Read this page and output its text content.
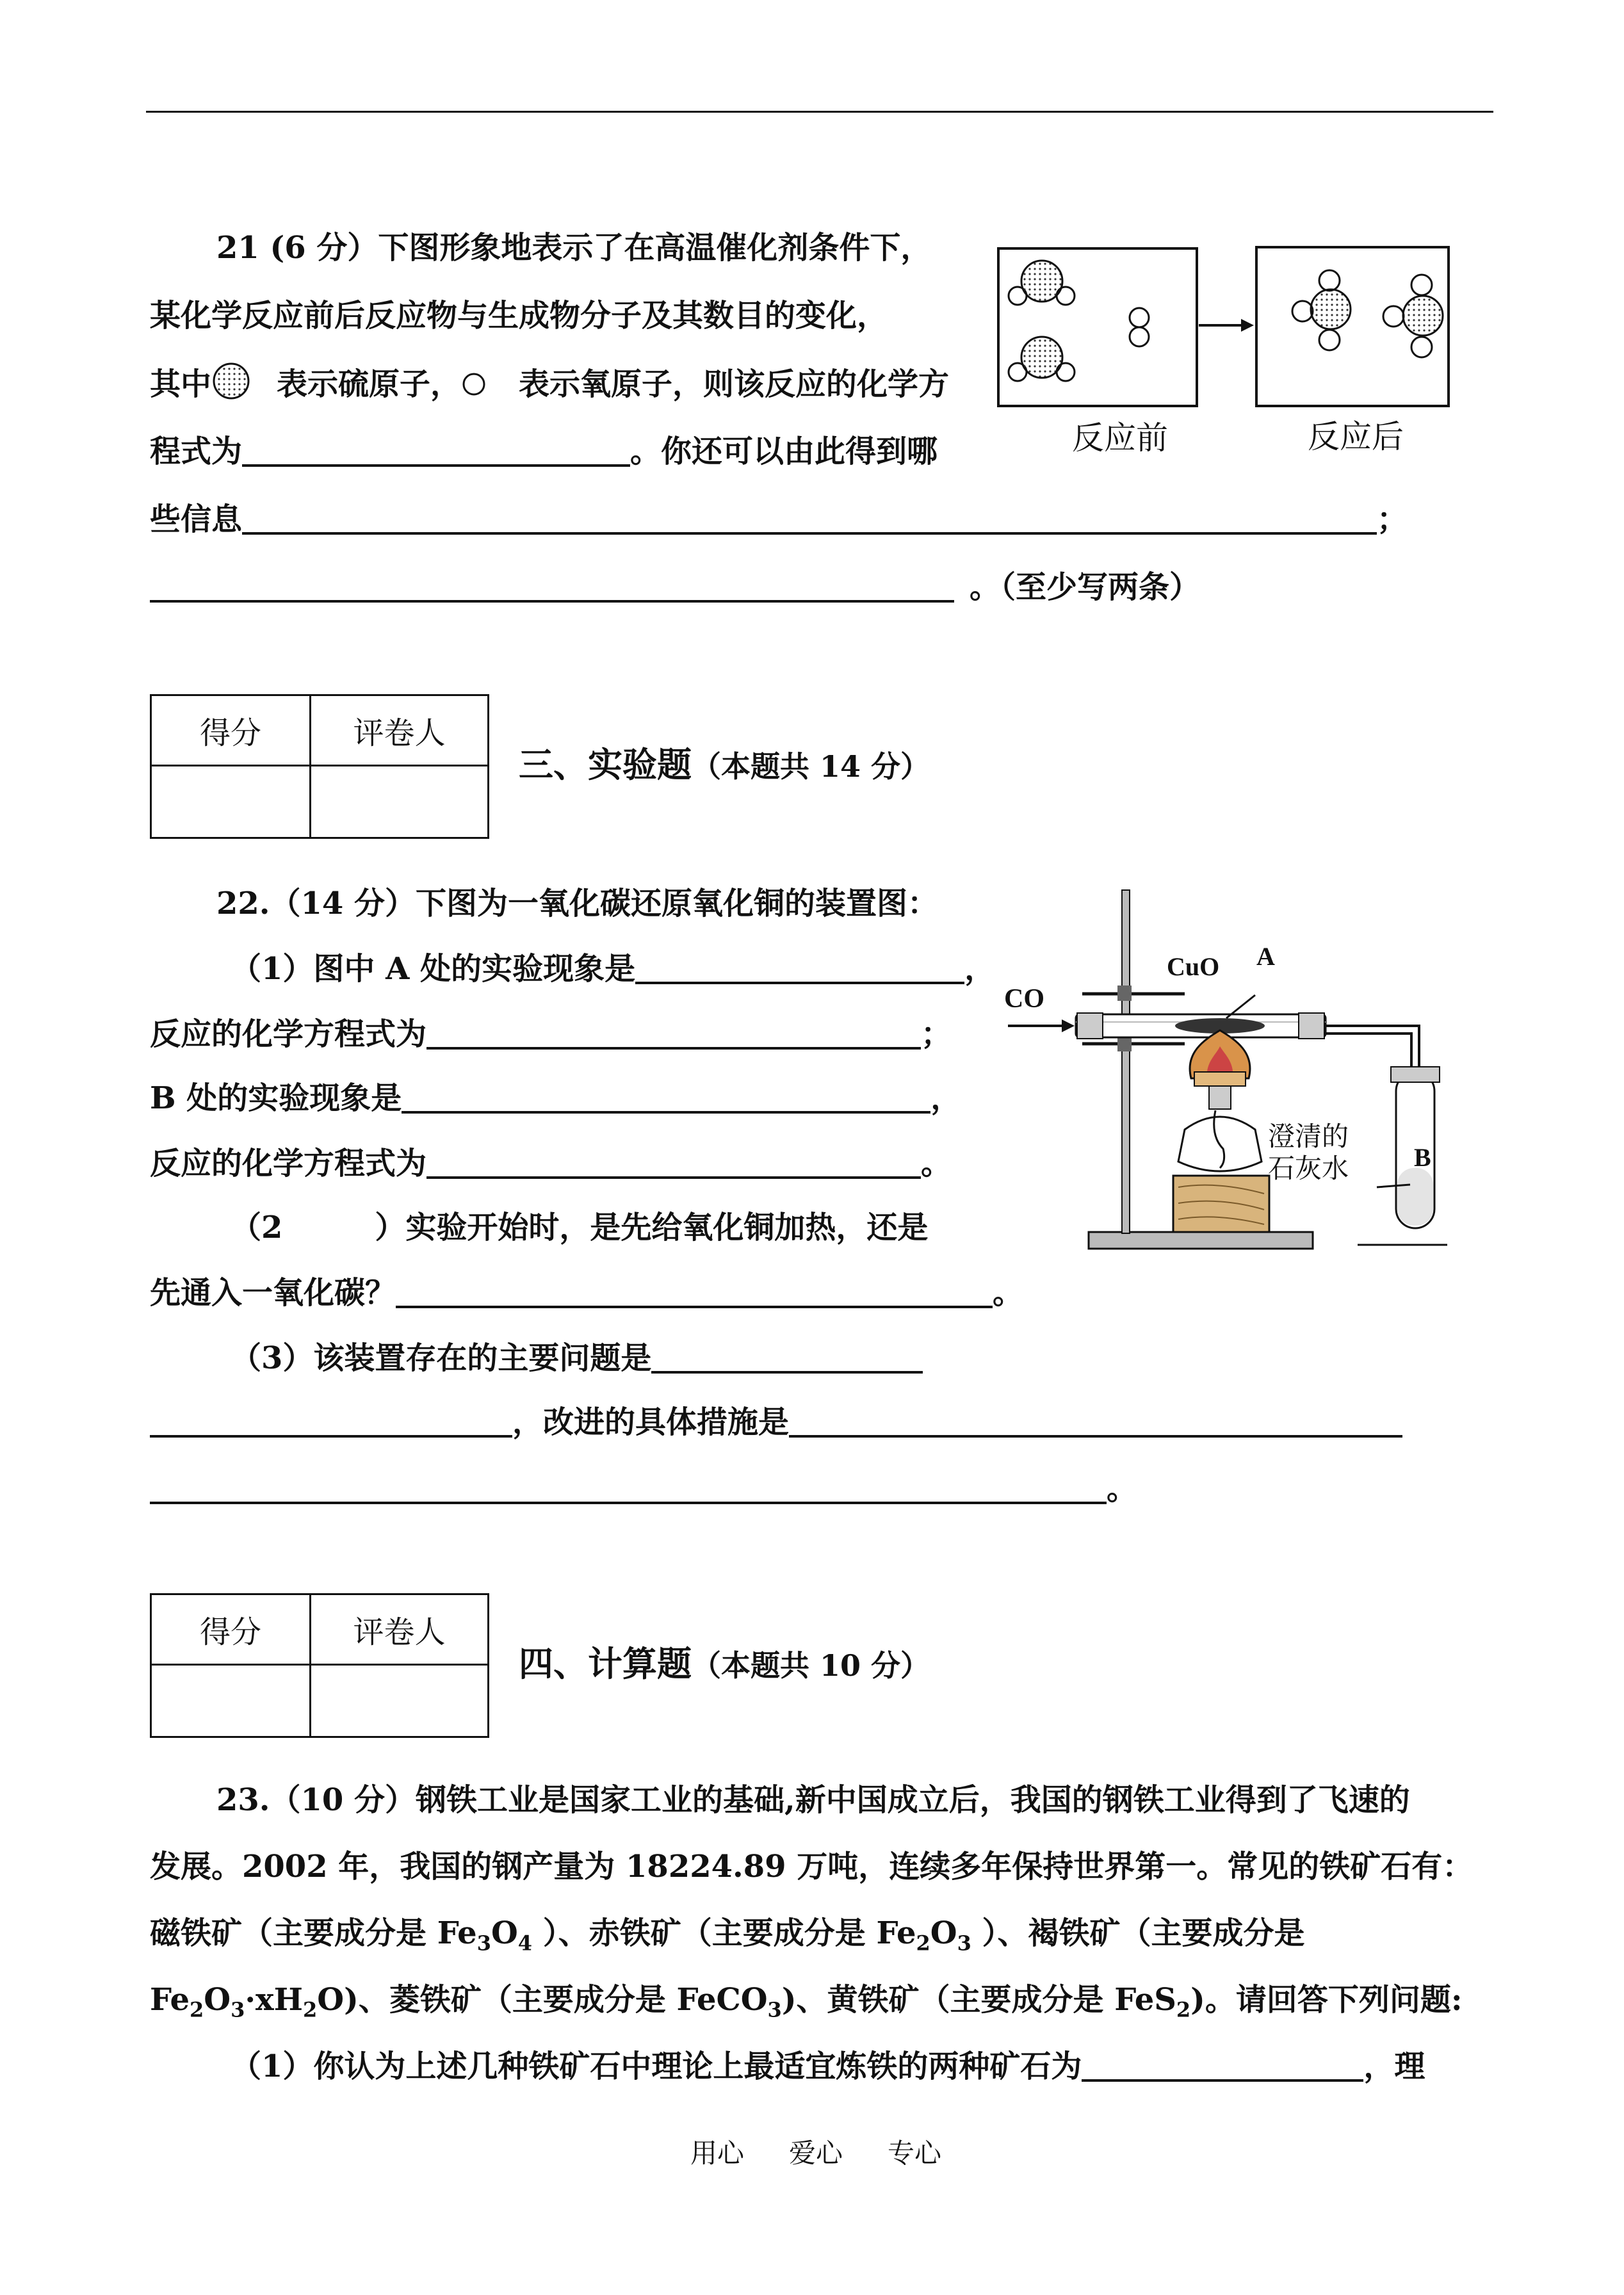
21 (6 分）下图形象地表示了在高温催化剂条件下，
某化学反应前后反应物与生成物分子及其数目的变化，
其中 表示硫原子， 表示氧原子，则该反应的化学方
程式为	。你还可以由此得到哪
些信息	；
。（至少写两条）
反应前	反应后
得分	评卷人

三、实验题（本题共 14 分）
22.（14 分）下图为一氧化碳还原氧化铜的装置图：
（1）图中 A 处的实验现象是	，
反应的化学方程式为	；
B 处的实验现象是	，
反应的化学方程式为	。
（2　　　）实验开始时，是先给氧化铜加热，还是
先通入一氧化碳？	。
（3）该装置存在的主要问题是
，改进的具体措施是
。
CO
CuO A
B
澄清的
石灰水
得分	评卷人

四、计算题（本题共 10 分）
23.（10 分）钢铁工业是国家工业的基础,新中国成立后，我国的钢铁工业得到了飞速的
发展。2002 年，我国的钢产量为 18224.89 万吨，连续多年保持世界第一。常见的铁矿石有：
磁铁矿（主要成分是 $Fe_3O_4$ ）、赤铁矿（主要成分是 $Fe_2O_3$ ）、褐铁矿（主要成分是
$Fe_2O_3\cdot xH_2O$)、菱铁矿（主要成分是 FeCO$_3$)、黄铁矿（主要成分是 FeS$_2$)。请回答下列问题:
（1）你认为上述几种铁矿石中理论上最适宜炼铁的两种矿石为	，理
用心 爱心 专心
